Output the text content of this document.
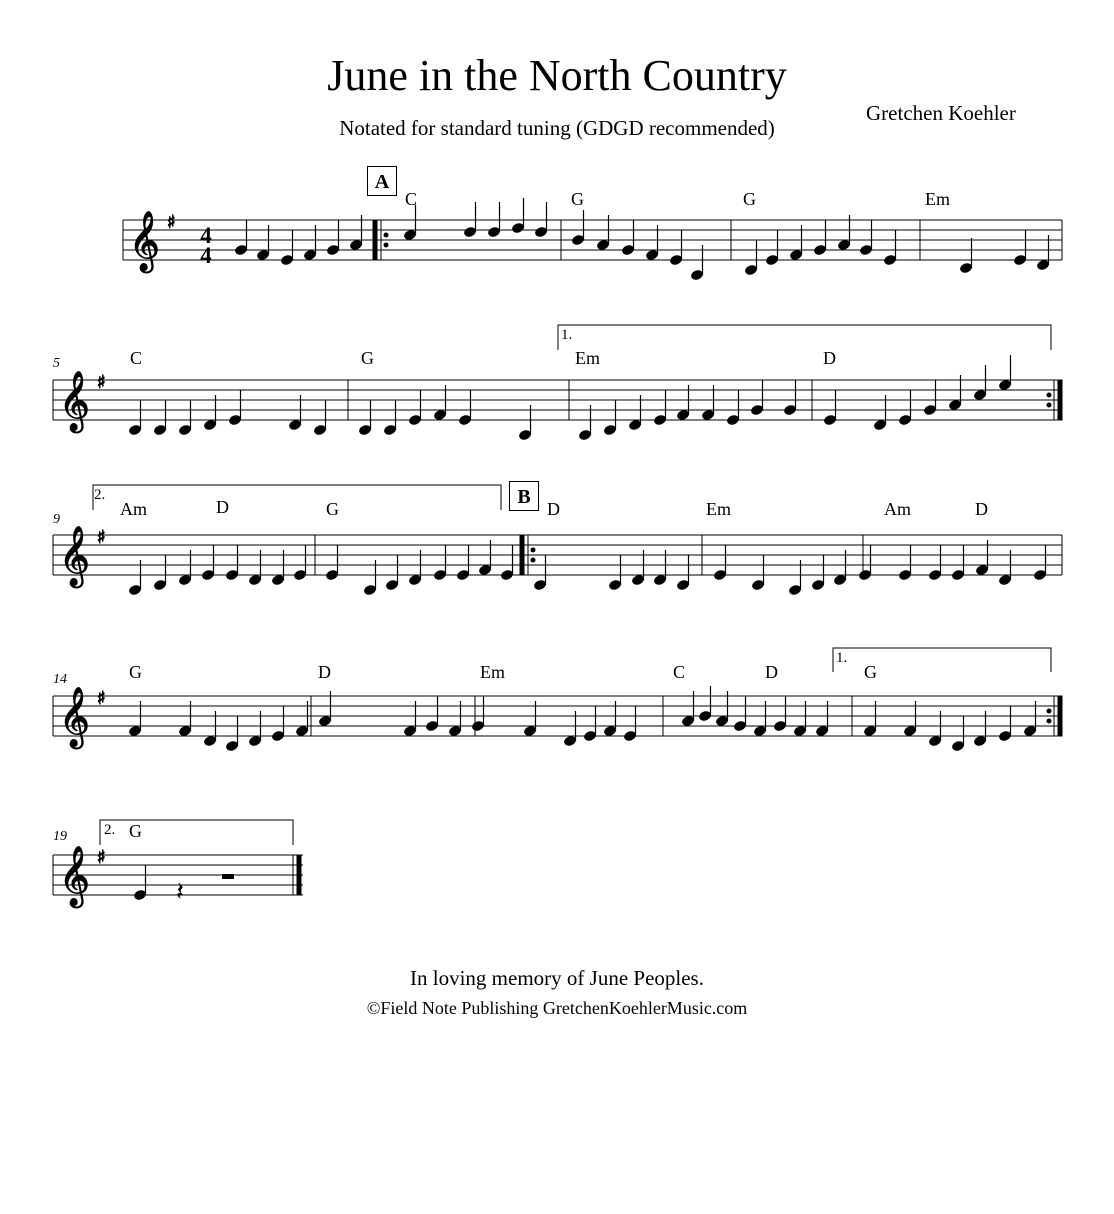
June in the North Country
Notated for standard tuning (GDGD recommended)
Gretchen Koehler
𝄞 ♯
𝄞 ♯
𝄞 ♯
𝄞 ♯
𝄞 ♯
𝄽
A
B
5
9
14
19
1.
2.
1.
2.
C	G	G	Em
C	G	Em	D
Am	D	G	D	Em	Am	D
G	D	Em	C	D	G
G
4
4
In loving memory of June Peoples.
©Field Note Publishing GretchenKoehlerMusic.com
